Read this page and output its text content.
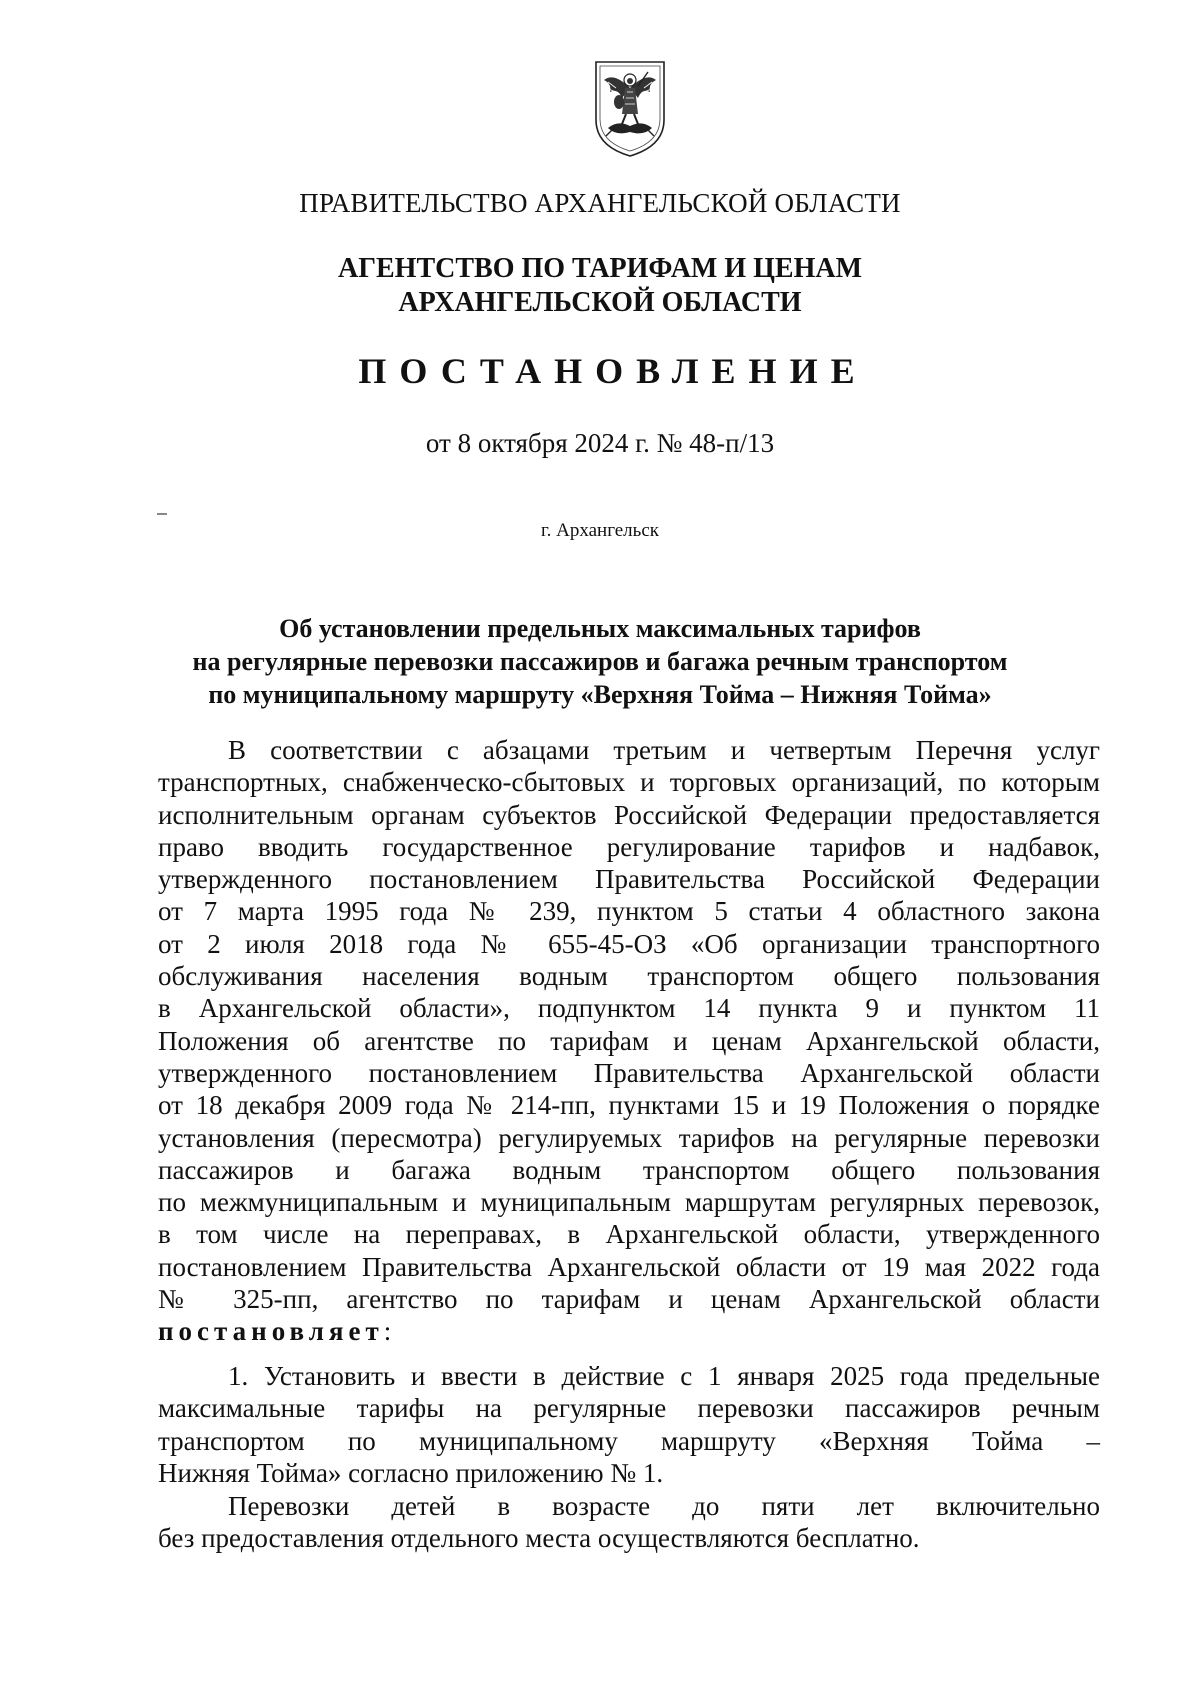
ПРАВИТЕЛЬСТВО АРХАНГЕЛЬСКОЙ ОБЛАСТИ
АГЕНТСТВО ПО ТАРИФАМ И ЦЕНАМ
АРХАНГЕЛЬСКОЙ ОБЛАСТИ
ПОСТАНОВЛЕНИЕ
от 8 октября 2024 г. № 48-п/13
г. Архангельск
Об установлении предельных максимальных тарифов
на регулярные перевозки пассажиров и багажа речным транспортом
по муниципальному маршруту «Верхняя Тойма – Нижняя Тойма»
В соответствии с абзацами третьим и четвертым Перечня услуг
транспортных, снабженческо-сбытовых и торговых организаций, по которым
исполнительным органам субъектов Российской Федерации предоставляется
право вводить государственное регулирование тарифов и надбавок,
утвержденного постановлением Правительства Российской Федерации
от 7 марта 1995 года № 239, пунктом 5 статьи 4 областного закона
от 2 июля 2018 года № 655-45-ОЗ «Об организации транспортного
обслуживания населения водным транспортом общего пользования
в Архангельской области», подпунктом 14 пункта 9 и пунктом 11
Положения об агентстве по тарифам и ценам Архангельской области,
утвержденного постановлением Правительства Архангельской области
от 18 декабря 2009 года № 214-пп, пунктами 15 и 19 Положения о порядке
установления (пересмотра) регулируемых тарифов на регулярные перевозки
пассажиров и багажа водным транспортом общего пользования
по межмуниципальным и муниципальным маршрутам регулярных перевозок,
в том числе на переправах, в Архангельской области, утвержденного
постановлением Правительства Архангельской области от 19 мая 2022 года
№ 325-пп, агентство по тарифам и ценам Архангельской области
постановляет:
1. Установить и ввести в действие с 1 января 2025 года предельные
максимальные тарифы на регулярные перевозки пассажиров речным
транспортом по муниципальному маршруту «Верхняя Тойма –
Нижняя Тойма» согласно приложению № 1.
Перевозки детей в возрасте до пяти лет включительно
без предоставления отдельного места осуществляются бесплатно.
